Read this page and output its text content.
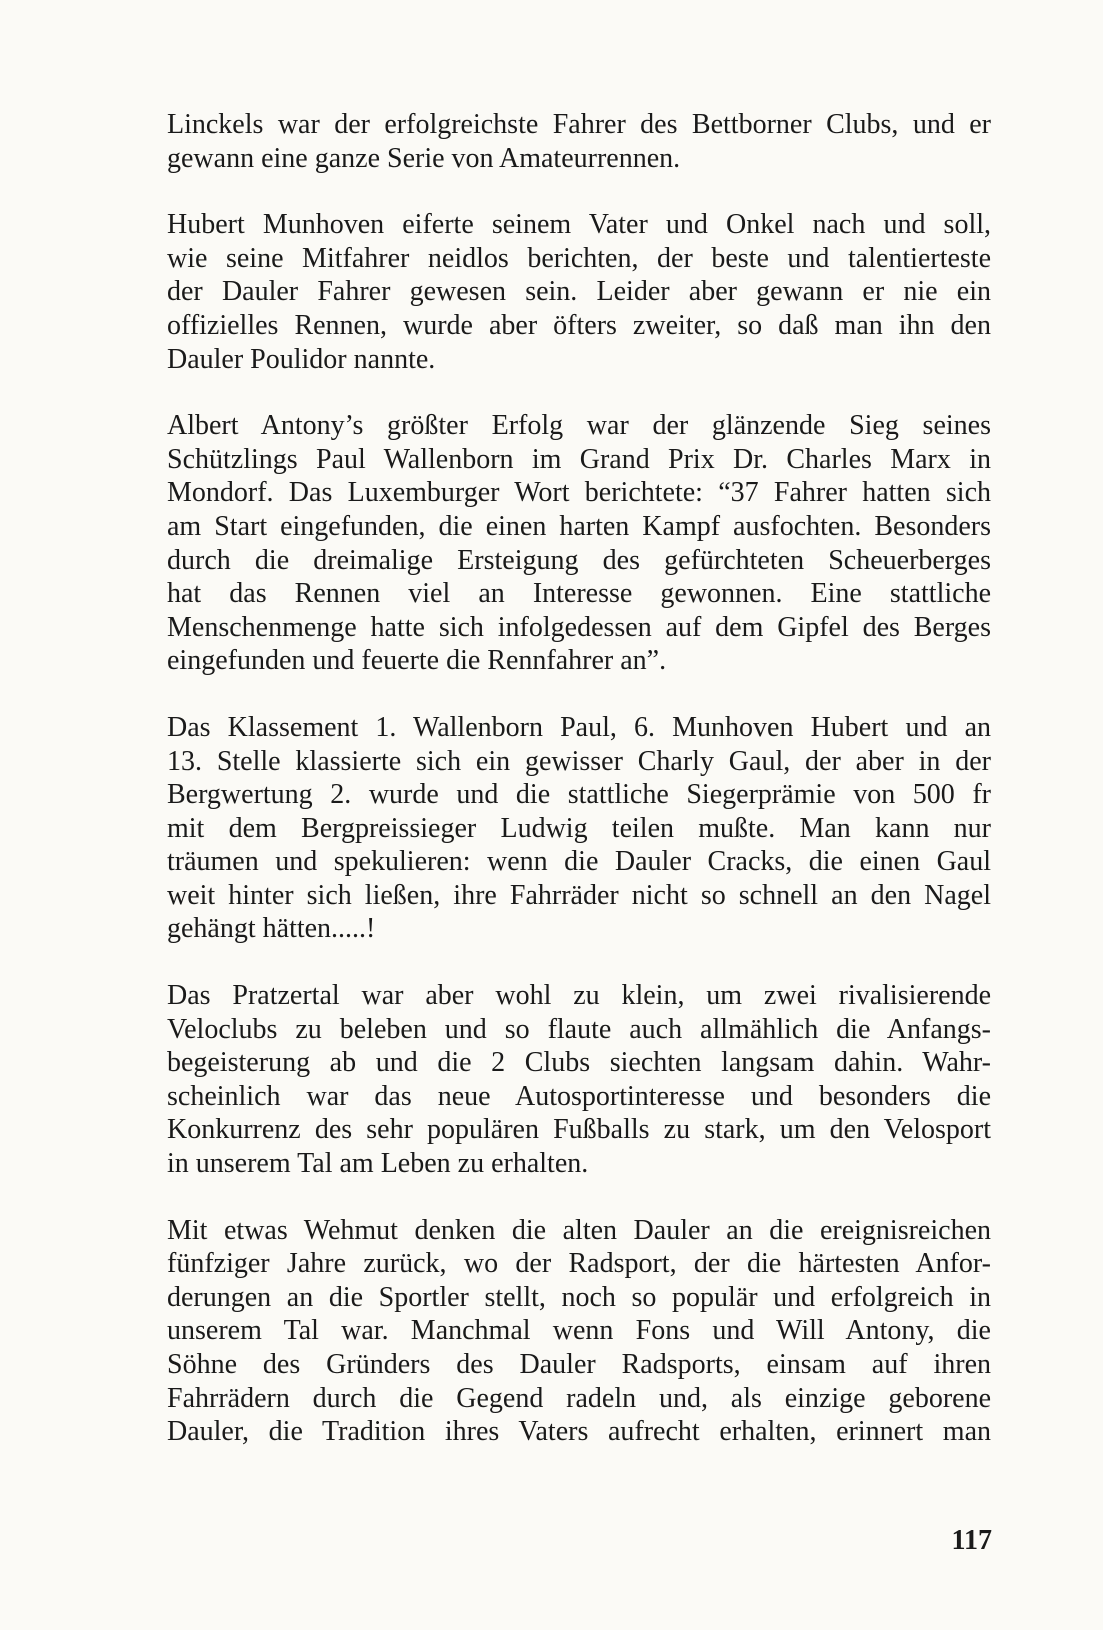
Linckels war der erfolgreichste Fahrer des Bettborner Clubs, und er
gewann eine ganze Serie von Amateurrennen.

Hubert Munhoven eiferte seinem Vater und Onkel nach und soll,
wie seine Mitfahrer neidlos berichten, der beste und talentierteste
der Dauler Fahrer gewesen sein. Leider aber gewann er nie ein
offizielles Rennen, wurde aber öfters zweiter, so daß man ihn den
Dauler Poulidor nannte.

Albert Antony’s größter Erfolg war der glänzende Sieg seines
Schützlings Paul Wallenborn im Grand Prix Dr. Charles Marx in
Mondorf. Das Luxemburger Wort berichtete: “37 Fahrer hatten sich
am Start eingefunden, die einen harten Kampf ausfochten. Besonders
durch die dreimalige Ersteigung des gefürchteten Scheuerberges
hat das Rennen viel an Interesse gewonnen. Eine stattliche
Menschenmenge hatte sich infolgedessen auf dem Gipfel des Berges
eingefunden und feuerte die Rennfahrer an”.

Das Klassement 1. Wallenborn Paul, 6. Munhoven Hubert und an
13. Stelle klassierte sich ein gewisser Charly Gaul, der aber in der
Bergwertung 2. wurde und die stattliche Siegerprämie von 500 fr
mit dem Bergpreissieger Ludwig teilen mußte. Man kann nur
träumen und spekulieren: wenn die Dauler Cracks, die einen Gaul
weit hinter sich ließen, ihre Fahrräder nicht so schnell an den Nagel
gehängt hätten.....!

Das Pratzertal war aber wohl zu klein, um zwei rivalisierende
Veloclubs zu beleben und so flaute auch allmählich die Anfangs-
begeisterung ab und die 2 Clubs siechten langsam dahin. Wahr-
scheinlich war das neue Autosportinteresse und besonders die
Konkurrenz des sehr populären Fußballs zu stark, um den Velosport
in unserem Tal am Leben zu erhalten.

Mit etwas Wehmut denken die alten Dauler an die ereignisreichen
fünfziger Jahre zurück, wo der Radsport, der die härtesten Anfor-
derungen an die Sportler stellt, noch so populär und erfolgreich in
unserem Tal war. Manchmal wenn Fons und Will Antony, die
Söhne des Gründers des Dauler Radsports, einsam auf ihren
Fahrrädern durch die Gegend radeln und, als einzige geborene
Dauler, die Tradition ihres Vaters aufrecht erhalten, erinnert man

117
